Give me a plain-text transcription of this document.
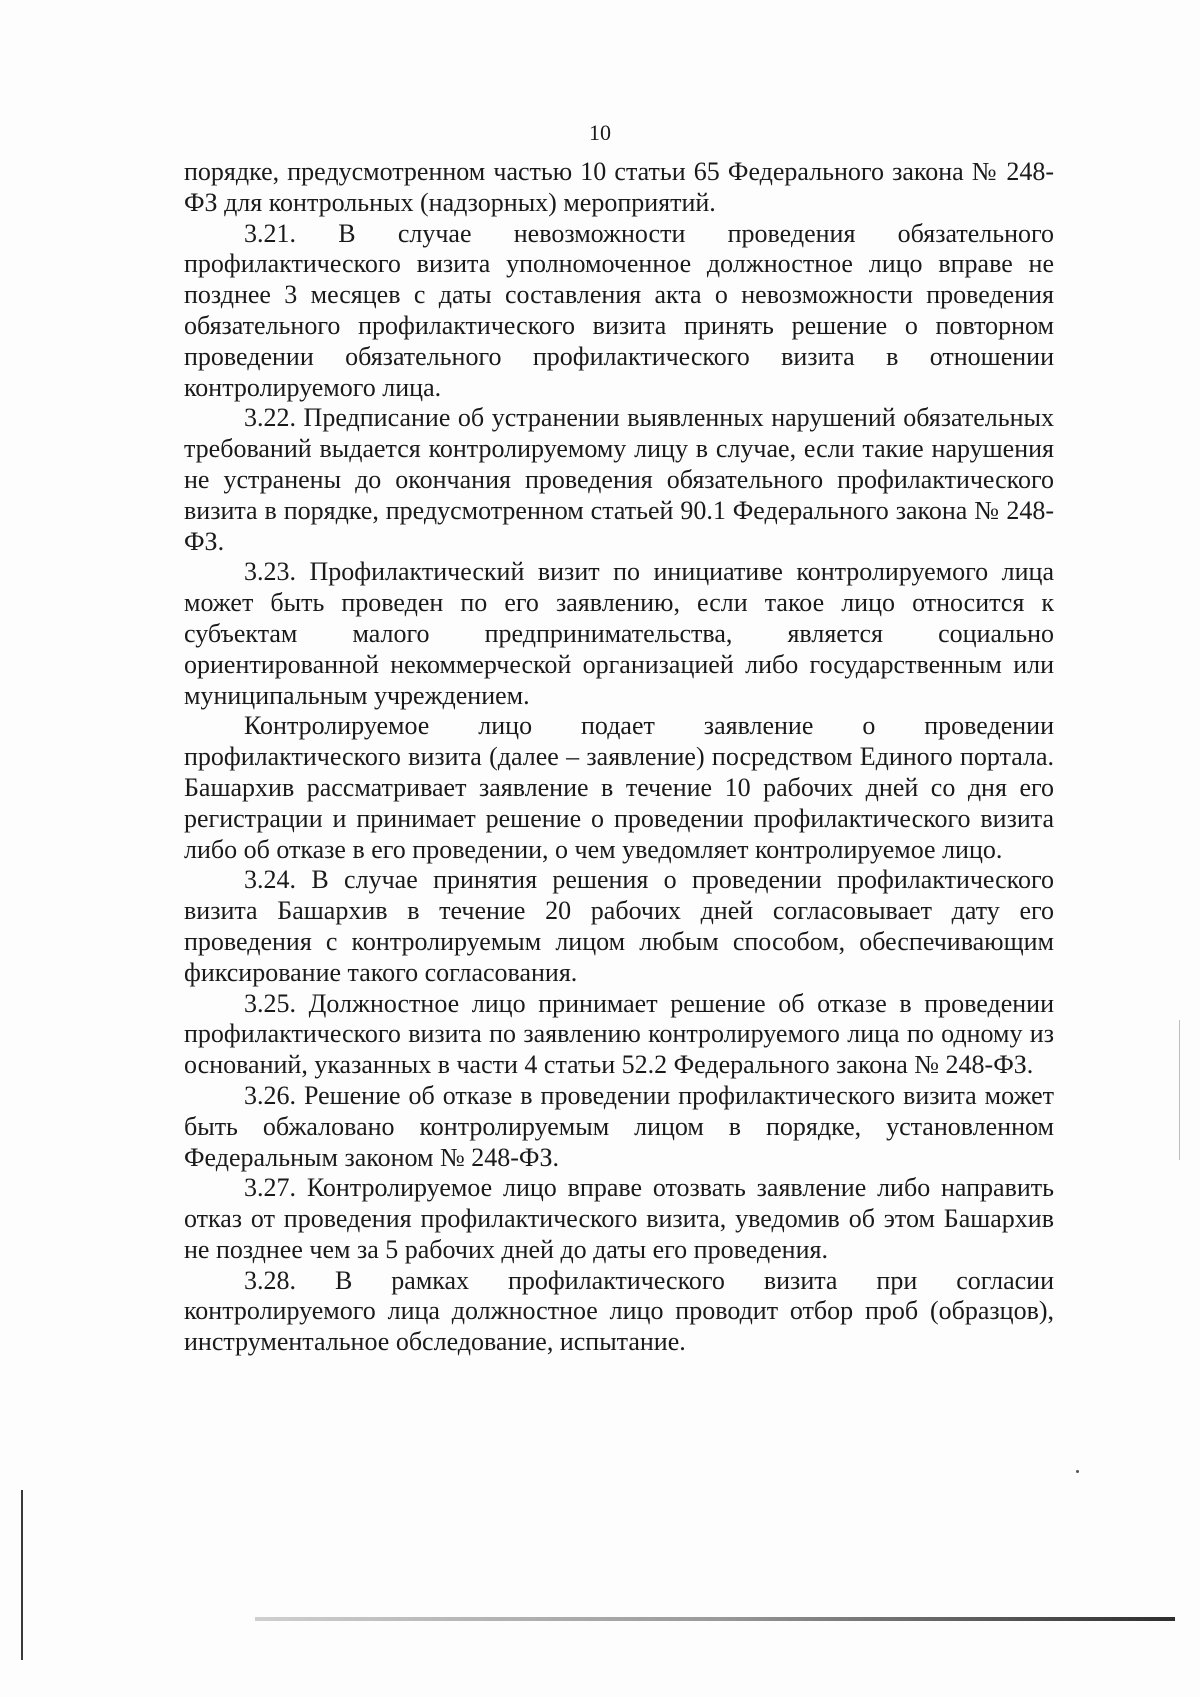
10

порядке, предусмотренном частью 10 статьи 65 Федерального закона № 248-ФЗ для контрольных (надзорных) мероприятий.

3.21. В случае невозможности проведения обязательного профилактического визита уполномоченное должностное лицо вправе не позднее 3 месяцев с даты составления акта о невозможности проведения обязательного профилактического визита принять решение о повторном проведении обязательного профилактического визита в отношении контролируемого лица.

3.22. Предписание об устранении выявленных нарушений обязательных требований выдается контролируемому лицу в случае, если такие нарушения не устранены до окончания проведения обязательного профилактического визита в порядке, предусмотренном статьей 90.1 Федерального закона № 248-ФЗ.

3.23. Профилактический визит по инициативе контролируемого лица может быть проведен по его заявлению, если такое лицо относится к субъектам малого предпринимательства, является социально ориентированной некоммерческой организацией либо государственным или муниципальным учреждением.

Контролируемое лицо подает заявление о проведении профилактического визита (далее – заявление) посредством Единого портала. Башархив рассматривает заявление в течение 10 рабочих дней со дня его регистрации и принимает решение о проведении профилактического визита либо об отказе в его проведении, о чем уведомляет контролируемое лицо.

3.24. В случае принятия решения о проведении профилактического визита Башархив в течение 20 рабочих дней согласовывает дату его проведения с контролируемым лицом любым способом, обеспечивающим фиксирование такого согласования.

3.25. Должностное лицо принимает решение об отказе в проведении профилактического визита по заявлению контролируемого лица по одному из оснований, указанных в части 4 статьи 52.2 Федерального закона № 248-ФЗ.

3.26. Решение об отказе в проведении профилактического визита может быть обжаловано контролируемым лицом в порядке, установленном Федеральным законом № 248-ФЗ.

3.27. Контролируемое лицо вправе отозвать заявление либо направить отказ от проведения профилактического визита, уведомив об этом Башархив не позднее чем за 5 рабочих дней до даты его проведения.

3.28. В рамках профилактического визита при согласии контролируемого лица должностное лицо проводит отбор проб (образцов), инструментальное обследование, испытание.
